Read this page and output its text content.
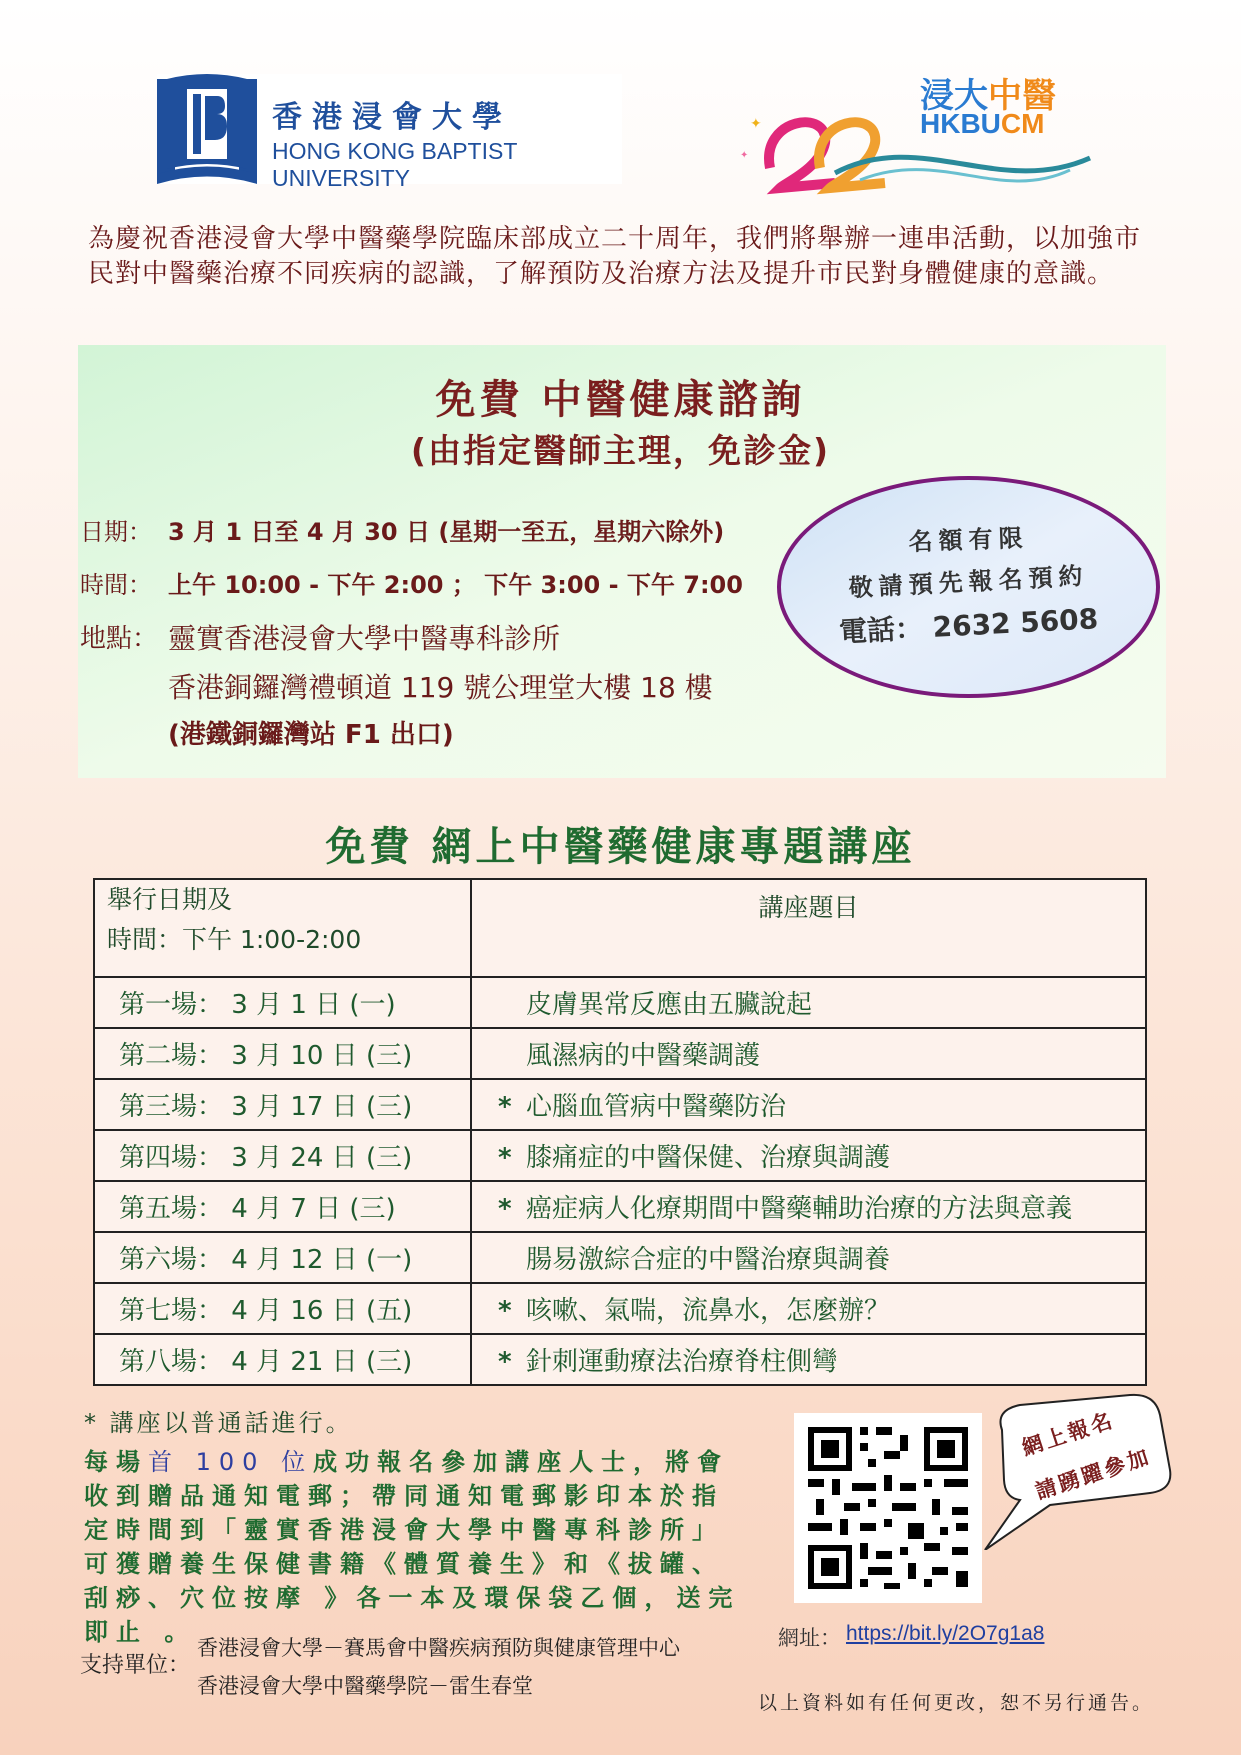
香港浸會大學
HONG KONG BAPTIST UNIVERSITY
✦
✦
浸大中醫
HKBUCM

為慶祝香港浸會大學中醫藥學院臨床部成立二十周年，我們將舉辦一連串活動，以加強市民對中醫藥治療不同疾病的認識，了解預防及治療方法及提升市民對身體健康的意識。

免費 中醫健康諮詢
(由指定醫師主理，免診金)
日期： 3 月 1 日至 4 月 30 日 (星期一至五，星期六除外)
時間： 上午 10:00 - 下午 2:00 ； 下午 3:00 - 下午 7:00
地點： 靈實香港浸會大學中醫專科診所
香港銅鑼灣禮頓道 119 號公理堂大樓 18 樓
(港鐵銅鑼灣站 F1 出口)
名額有限
敬請預先報名預約
電話： 2632 5608
免費 網上中醫藥健康專題講座
舉行日期及
時間：下午 1:00-2:00	講座題目
第一場： 3 月 1 日 (一)	皮膚異常反應由五臟說起
第二場： 3 月 10 日 (三)	風濕病的中醫藥調護
第三場： 3 月 17 日 (三)	* 心腦血管病中醫藥防治
第四場： 3 月 24 日 (三)	* 膝痛症的中醫保健、治療與調護
第五場： 4 月 7 日 (三)	* 癌症病人化療期間中醫藥輔助治療的方法與意義
第六場： 4 月 12 日 (一)	腸易激綜合症的中醫治療與調養
第七場： 4 月 16 日 (五)	* 咳嗽、氣喘，流鼻水，怎麼辦？
第八場： 4 月 21 日 (三)	* 針刺運動療法治療脊柱側彎
* 講座以普通話進行。

每場首 100 位成功報名參加講座人士，將會收到贈品通知電郵；帶同通知電郵影印本於指定時間到「靈實香港浸會大學中醫專科診所」可獲贈養生保健書籍《體質養生》和《拔罐、刮痧、穴位按摩 》各一本及環保袋乙個，送完即止 。

支持單位：
香港浸會大學－賽馬會中醫疾病預防與健康管理中心
香港浸會大學中醫藥學院－雷生春堂
網上報名
請踴躍參加
網址： https://bit.ly/2O7g1a8
以上資料如有任何更改，恕不另行通告。
